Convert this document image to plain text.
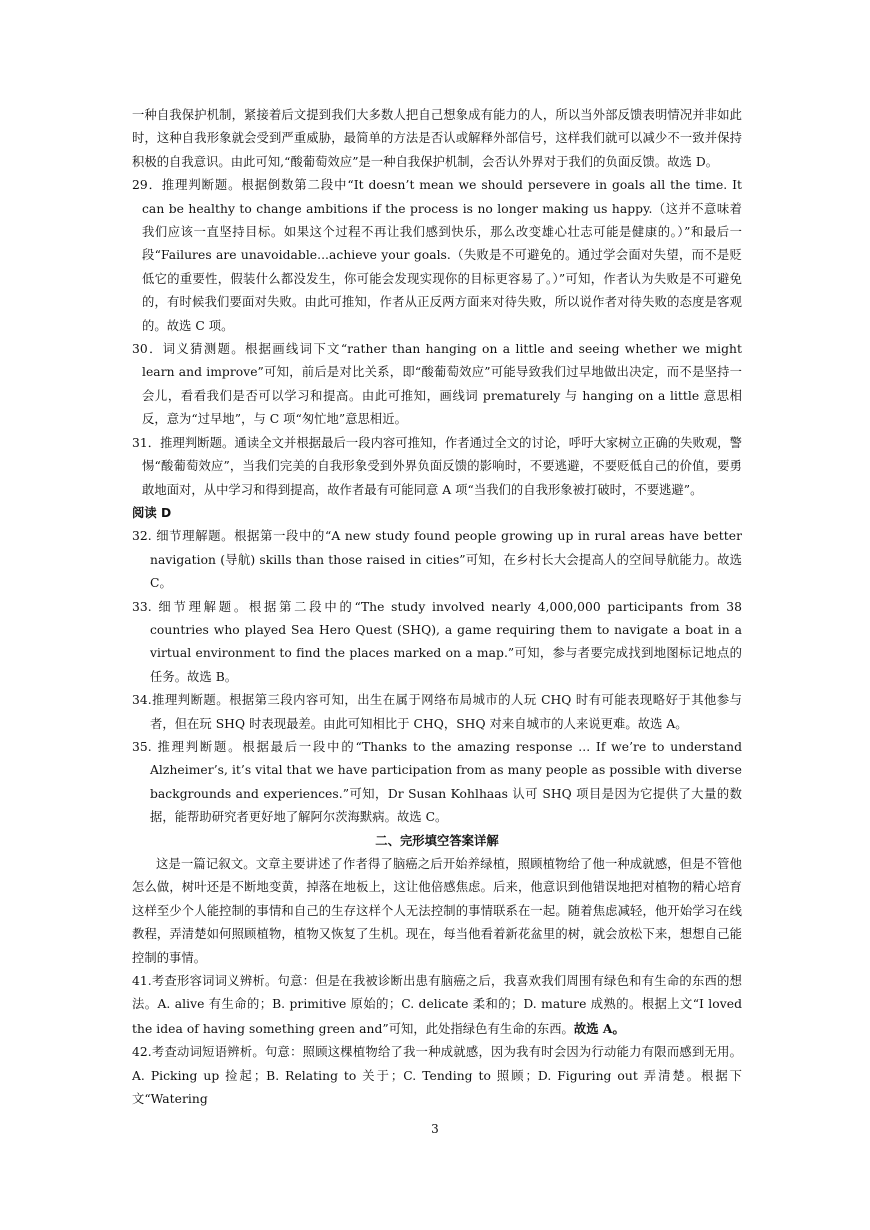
一种自我保护机制，紧接着后文提到我们大多数人把自己想象成有能力的人，所以当外部反馈表明情况并非如此时，这种自我形象就会受到严重威胁，最简单的方法是否认或解释外部信号，这样我们就可以减少不一致并保持积极的自我意识。由此可知,“酸葡萄效应”是一种自我保护机制，会否认外界对于我们的负面反馈。故选 D。

29．推理判断题。根据倒数第二段中“It doesn’t mean we should persevere in goals all the time. It can be healthy to change ambitions if the process is no longer making us happy.（这并不意味着我们应该一直坚持目标。如果这个过程不再让我们感到快乐，那么改变雄心壮志可能是健康的。）”和最后一段“Failures are unavoidable...achieve your goals.（失败是不可避免的。通过学会面对失望，而不是贬低它的重要性，假装什么都没发生，你可能会发现实现你的目标更容易了。）”可知，作者认为失败是不可避免的，有时候我们要面对失败。由此可推知，作者从正反两方面来对待失败，所以说作者对待失败的态度是客观的。故选 C 项。

30．词义猜测题。根据画线词下文“rather than hanging on a little and seeing whether we might learn and improve”可知，前后是对比关系，即“酸葡萄效应”可能导致我们过早地做出决定，而不是坚持一会儿，看看我们是否可以学习和提高。由此可推知，画线词 prematurely 与 hanging on a little 意思相反，意为“过早地”，与 C 项“匆忙地”意思相近。

31．推理判断题。通读全文并根据最后一段内容可推知，作者通过全文的讨论，呼吁大家树立正确的失败观，警惕“酸葡萄效应”，当我们完美的自我形象受到外界负面反馈的影响时，不要逃避，不要贬低自己的价值，要勇敢地面对，从中学习和得到提高，故作者最有可能同意 A 项“当我们的自我形象被打破时，不要逃避”。

阅读 D

32. 细节理解题。根据第一段中的“A new study found people growing up in rural areas have better navigation (导航) skills than those raised in cities”可知，在乡村长大会提高人的空间导航能力。故选 C。

33. 细节理解题。根据第二段中的“The study involved nearly 4,000,000 participants from 38 countries who played Sea Hero Quest (SHQ), a game requiring them to navigate a boat in a virtual environment to find the places marked on a map.”可知，参与者要完成找到地图标记地点的任务。故选 B。

34.推理判断题。根据第三段内容可知，出生在属于网络布局城市的人玩 CHQ 时有可能表现略好于其他参与者，但在玩 SHQ 时表现最差。由此可知相比于 CHQ，SHQ 对来自城市的人来说更难。故选 A。

35. 推理判断题。根据最后一段中的“Thanks to the amazing response ... If we’re to understand Alzheimer’s, it’s vital that we have participation from as many people as possible with diverse backgrounds and experiences.”可知，Dr Susan Kohlhaas 认可 SHQ 项目是因为它提供了大量的数据，能帮助研究者更好地了解阿尔茨海默病。故选 C。

二、完形填空答案详解

这是一篇记叙文。文章主要讲述了作者得了脑癌之后开始养绿植，照顾植物给了他一种成就感，但是不管他怎么做，树叶还是不断地变黄，掉落在地板上，这让他倍感焦虑。后来，他意识到他错误地把对植物的精心培育这样至少个人能控制的事情和自己的生存这样个人无法控制的事情联系在一起。随着焦虑减轻，他开始学习在线教程，弄清楚如何照顾植物，植物又恢复了生机。现在，每当他看着新花盆里的树，就会放松下来，想想自己能控制的事情。

41.考查形容词词义辨析。句意：但是在我被诊断出患有脑癌之后，我喜欢我们周围有绿色和有生命的东西的想法。A. alive 有生命的；B. primitive 原始的；C. delicate 柔和的；D. mature 成熟的。根据上文“I loved the idea of having something green and”可知，此处指绿色有生命的东西。故选 A。

42.考查动词短语辨析。句意：照顾这棵植物给了我一种成就感，因为我有时会因为行动能力有限而感到无用。A. Picking up 捡起；B. Relating to 关于；C. Tending to 照顾；D. Figuring out 弄清楚。根据下文“Watering

3
